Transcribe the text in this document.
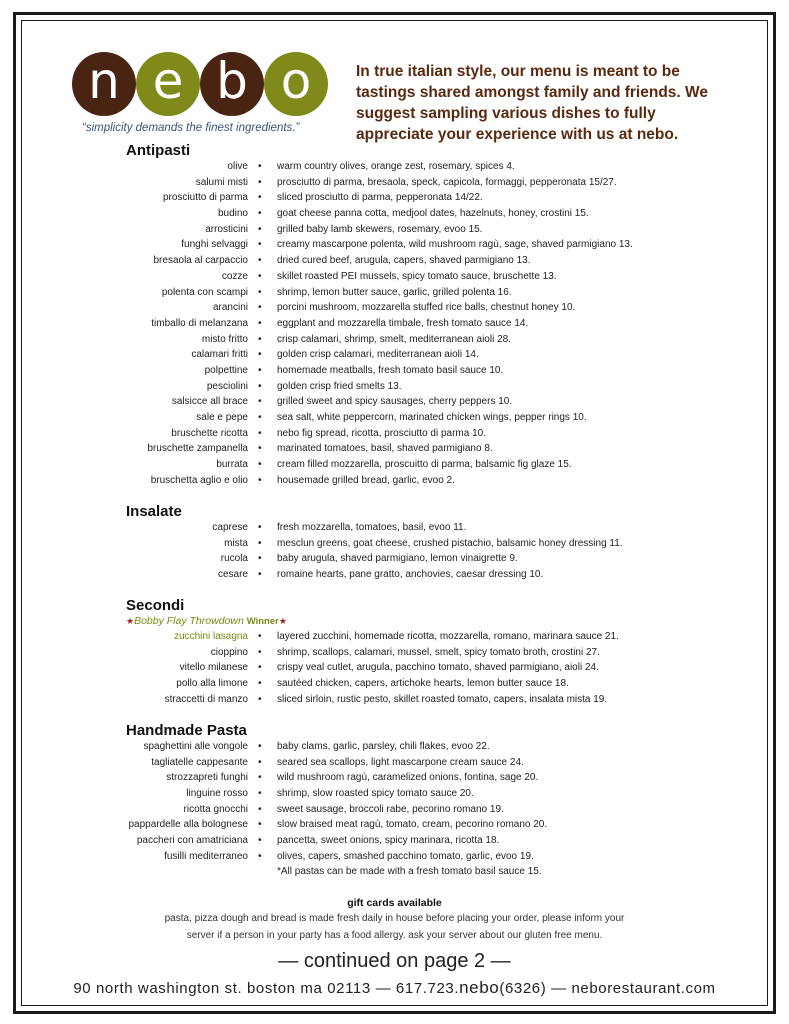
n e b o
“simplicity demands the finest ingredients.”
In true italian style, our menu is meant to be tastings shared amongst family and friends. We suggest sampling various dishes to fully appreciate your experience with us at nebo.
Antipasti
olive • warm country olives, orange zest, rosemary, spices 4.
salumi misti • prosciutto di parma, bresaola, speck, capicola, formaggi, pepperonata 15/27.
prosciutto di parma • sliced prosciutto di parma, pepperonata 14/22.
budino • goat cheese panna cotta, medjool dates, hazelnuts, honey, crostini 15.
arrosticini • grilled baby lamb skewers, rosemary, evoo 15.
funghi selvaggi • creamy mascarpone polenta, wild mushroom ragù, sage, shaved parmigiano 13.
bresaola al carpaccio • dried cured beef, arugula, capers, shaved parmigiano 13.
cozze • skillet roasted PEI mussels, spicy tomato sauce, bruschette 13.
polenta con scampi • shrimp, lemon butter sauce, garlic, grilled polenta 16.
arancini • porcini mushroom, mozzarella stuffed rice balls, chestnut honey 10.
timballo di melanzana • eggplant and mozzarella timbale, fresh tomato sauce 14.
misto fritto • crisp calamari, shrimp, smelt, mediterranean aioli 28.
calamari fritti • golden crisp calamari, mediterranean aioli 14.
polpettine • homemade meatballs, fresh tomato basil sauce 10.
pesciolini • golden crisp fried smelts 13.
salsicce all brace • grilled sweet and spicy sausages, cherry peppers 10.
sale e pepe • sea salt, white peppercorn, marinated chicken wings, pepper rings 10.
bruschette ricotta • nebo fig spread, ricotta, prosciutto di parma 10.
bruschette zampanella • marinated tomatoes, basil, shaved parmigiano 8.
burrata • cream filled mozzarella, proscuitto di parma, balsamic fig glaze 15.
bruschetta aglio e olio • housemade grilled bread, garlic, evoo 2.
Insalate
caprese • fresh mozzarella, tomatoes, basil, evoo 11.
mista • mesclun greens, goat cheese, crushed pistachio, balsamic honey dressing 11.
rucola • baby arugula, shaved parmigiano, lemon vinaigrette 9.
cesare • romaine hearts, pane gratto, anchovies, caesar dressing 10.
Secondi
★Bobby Flay Throwdown Winner★
zucchini lasagna • layered zucchini, homemade ricotta, mozzarella, romano, marinara sauce 21.
cioppino • shrimp, scallops, calamari, mussel, smelt, spicy tomato broth, crostini 27.
vitello milanese • crispy veal cutlet, arugula, pacchino tomato, shaved parmigiano, aioli 24.
pollo alla limone • sautéed chicken, capers, artichoke hearts, lemon butter sauce 18.
straccetti di manzo • sliced sirloin, rustic pesto, skillet roasted tomato, capers, insalata mista 19.
Handmade Pasta
spaghettini alle vongole • baby clams, garlic, parsley, chili flakes, evoo 22.
tagliatelle cappesante • seared sea scallops, light mascarpone cream sauce 24.
strozzapreti funghi • wild mushroom ragù, caramelized onions, fontina, sage 20.
linguine rosso • shrimp, slow roasted spicy tomato sauce 20.
ricotta gnocchi • sweet sausage, broccoli rabe, pecorino romano 19.
pappardelle alla bolognese • slow braised meat ragù, tomato, cream, pecorino romano 20.
paccheri con amatriciana • pancetta, sweet onions, spicy marinara, ricotta 18.
fusilli mediterraneo • olives, capers, smashed pacchino tomato, garlic, evoo 19.
*All pastas can be made with a fresh tomato basil sauce 15.
gift cards available
pasta, pizza dough and bread is made fresh daily in house before placing your order, please inform your
server if a person in your party has a food allergy. ask your server about our gluten free menu.
— continued on page 2 —
90 north washington st. boston ma 02113 — 617.723.nebo(6326) — neborestaurant.com
